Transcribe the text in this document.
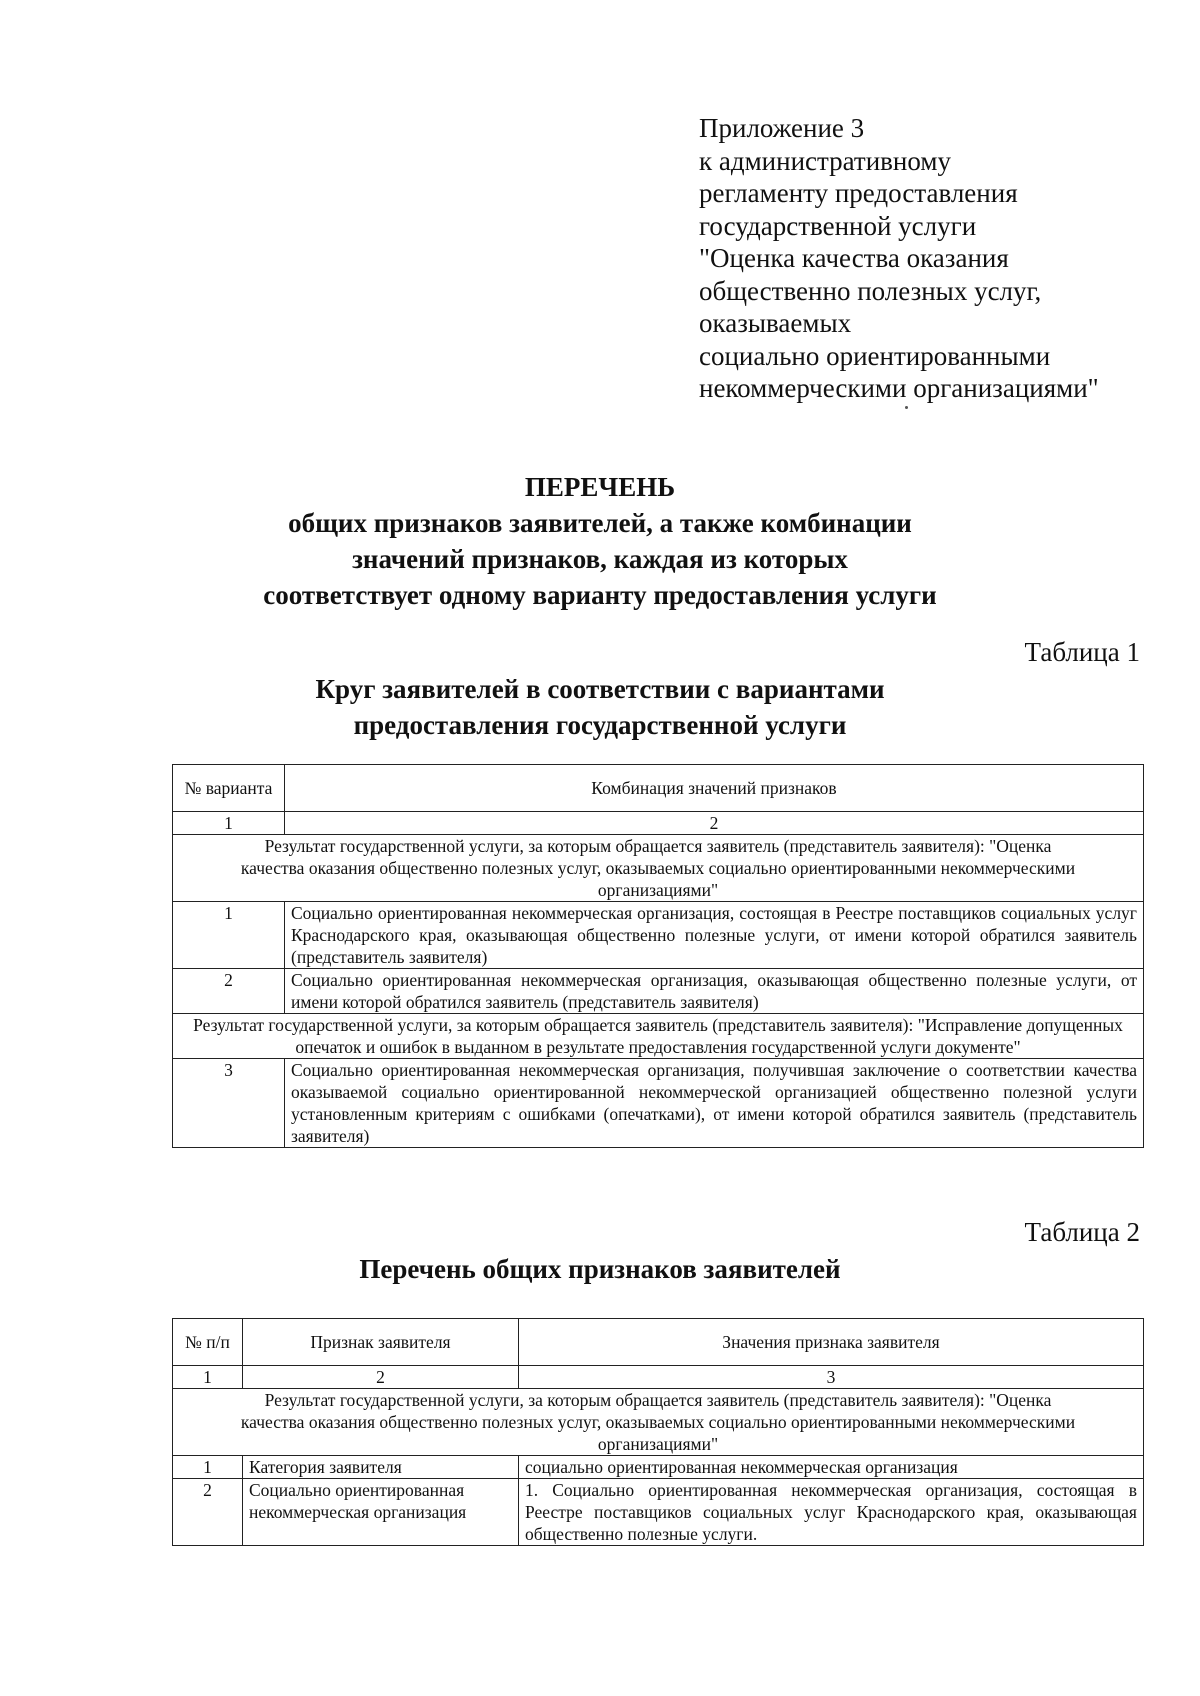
Приложение 3
к административному
регламенту предоставления
государственной услуги
"Оценка качества оказания
общественно полезных услуг,
оказываемых
социально ориентированными
некоммерческими организациями"
ПЕРЕЧЕНЬ
общих признаков заявителей, а также комбинации
значений признаков, каждая из которых
соответствует одному варианту предоставления услуги
Таблица 1
Круг заявителей в соответствии с вариантами
предоставления государственной услуги
№ варианта	Комбинация значений признаков
1	2
Результат государственной услуги, за которым обращается заявитель (представитель заявителя): "Оценка качества оказания общественно полезных услуг, оказываемых социально ориентированными некоммерческими организациями"	
1	Социально ориентированная некоммерческая организация, состоящая в Реестре поставщиков социальных услуг Краснодарского края, оказывающая общественно полезные услуги, от имени которой обратился заявитель (представитель заявителя)
2	Социально ориентированная некоммерческая организация, оказывающая общественно полезные услуги, от имени которой обратился заявитель (представитель заявителя)
Результат государственной услуги, за которым обращается заявитель (представитель заявителя): "Исправление допущенных опечаток и ошибок в выданном в результате предоставления государственной услуги документе"	
3	Социально ориентированная некоммерческая организация, получившая заключение о соответствии качества оказываемой социально ориентированной некоммерческой организацией общественно полезной услуги установленным критериям с ошибками (опечатками), от имени которой обратился заявитель (представитель заявителя)
Таблица 2
Перечень общих признаков заявителей
№ п/п	Признак заявителя	Значения признака заявителя
1	2	3
Результат государственной услуги, за которым обращается заявитель (представитель заявителя): "Оценка качества оказания общественно полезных услуг, оказываемых социально ориентированными некоммерческими организациями"		
1	Категория заявителя	социально ориентированная некоммерческая организация
2	Социально ориентированная некоммерческая организация	1. Социально ориентированная некоммерческая организация, состоящая в Реестре поставщиков социальных услуг Краснодарского края, оказывающая общественно полезные услуги.
